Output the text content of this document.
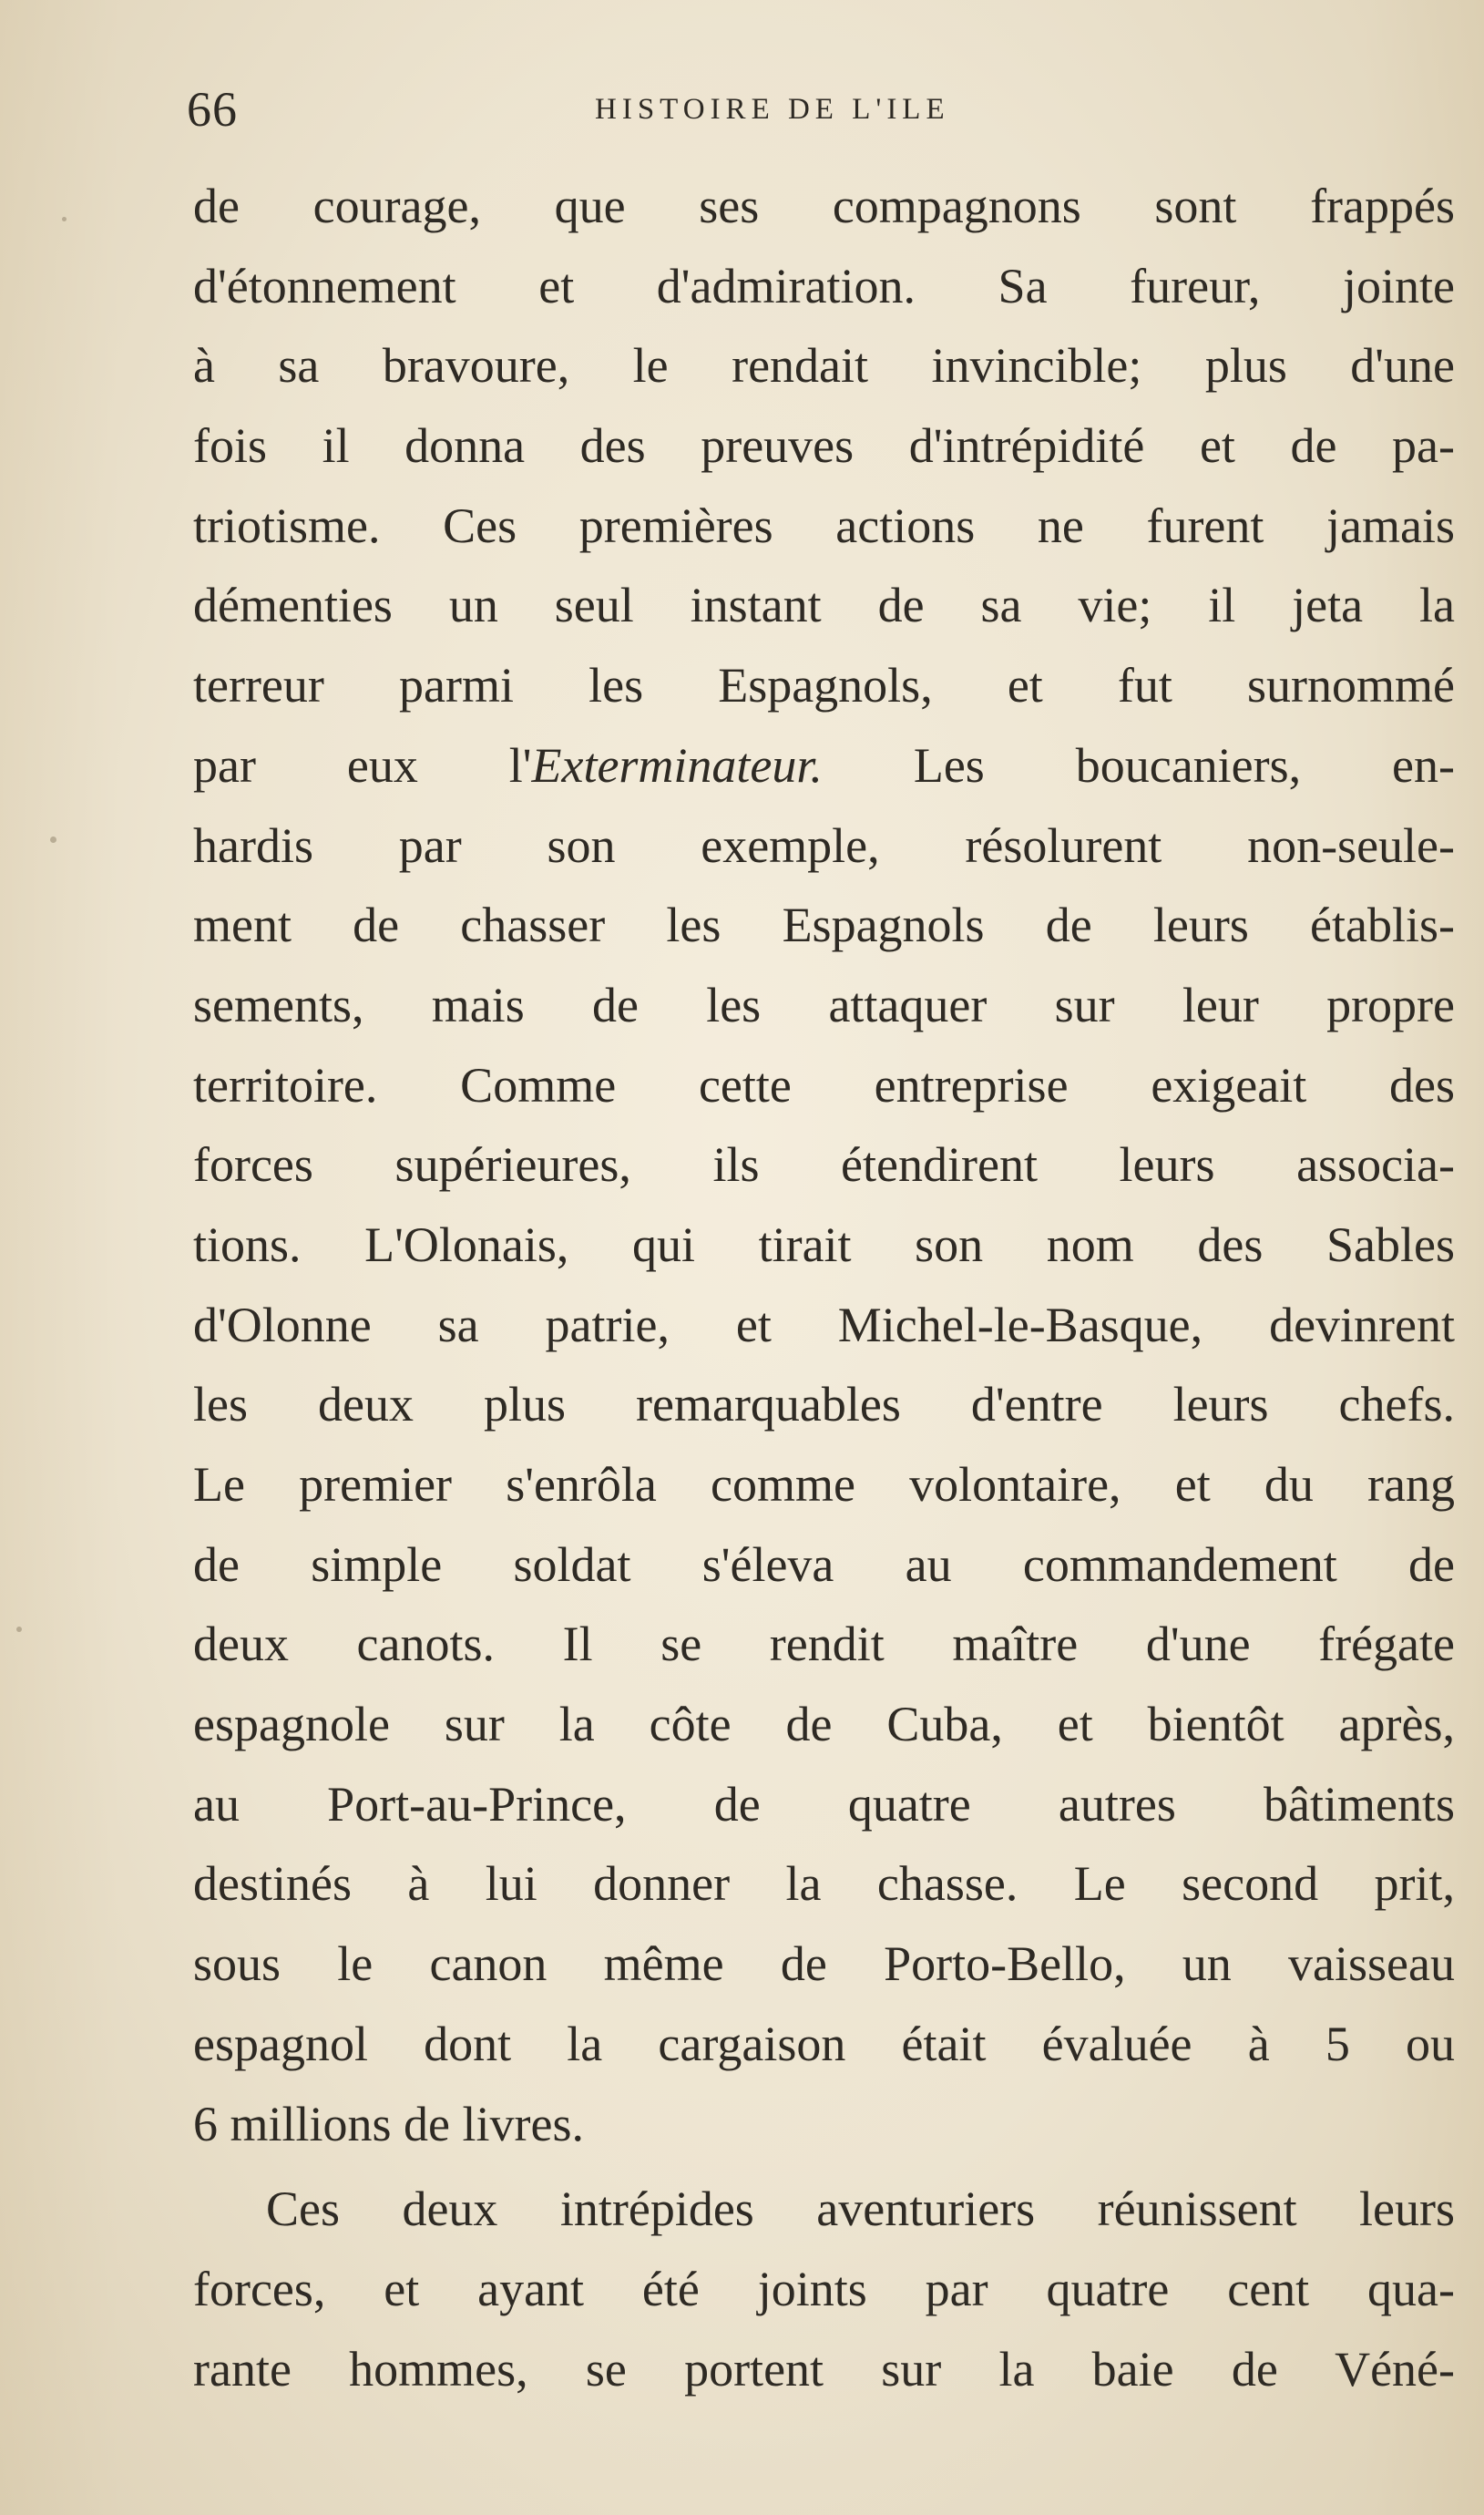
66	HISTOIRE DE L'ILE
de courage, que ses compagnons sont frappés
d'étonnement et d'admiration. Sa fureur, jointe
à sa bravoure, le rendait invincible; plus d'une
fois il donna des preuves d'intrépidité et de pa-
triotisme. Ces premières actions ne furent jamais
démenties un seul instant de sa vie; il jeta la
terreur parmi les Espagnols, et fut surnommé
par eux l'Exterminateur. Les boucaniers, en-
hardis par son exemple, résolurent non-seule-
ment de chasser les Espagnols de leurs établis-
sements, mais de les attaquer sur leur propre
territoire. Comme cette entreprise exigeait des
forces supérieures, ils étendirent leurs associa-
tions. L'Olonais, qui tirait son nom des Sables
d'Olonne sa patrie, et Michel-le-Basque, devinrent
les deux plus remarquables d'entre leurs chefs.
Le premier s'enrôla comme volontaire, et du rang
de simple soldat s'éleva au commandement de
deux canots. Il se rendit maître d'une frégate
espagnole sur la côte de Cuba, et bientôt après,
au Port-au-Prince, de quatre autres bâtiments
destinés à lui donner la chasse. Le second prit,
sous le canon même de Porto-Bello, un vaisseau
espagnol dont la cargaison était évaluée à 5 ou
6 millions de livres.
Ces deux intrépides aventuriers réunissent leurs
forces, et ayant été joints par quatre cent qua-
rante hommes, se portent sur la baie de Véné-
